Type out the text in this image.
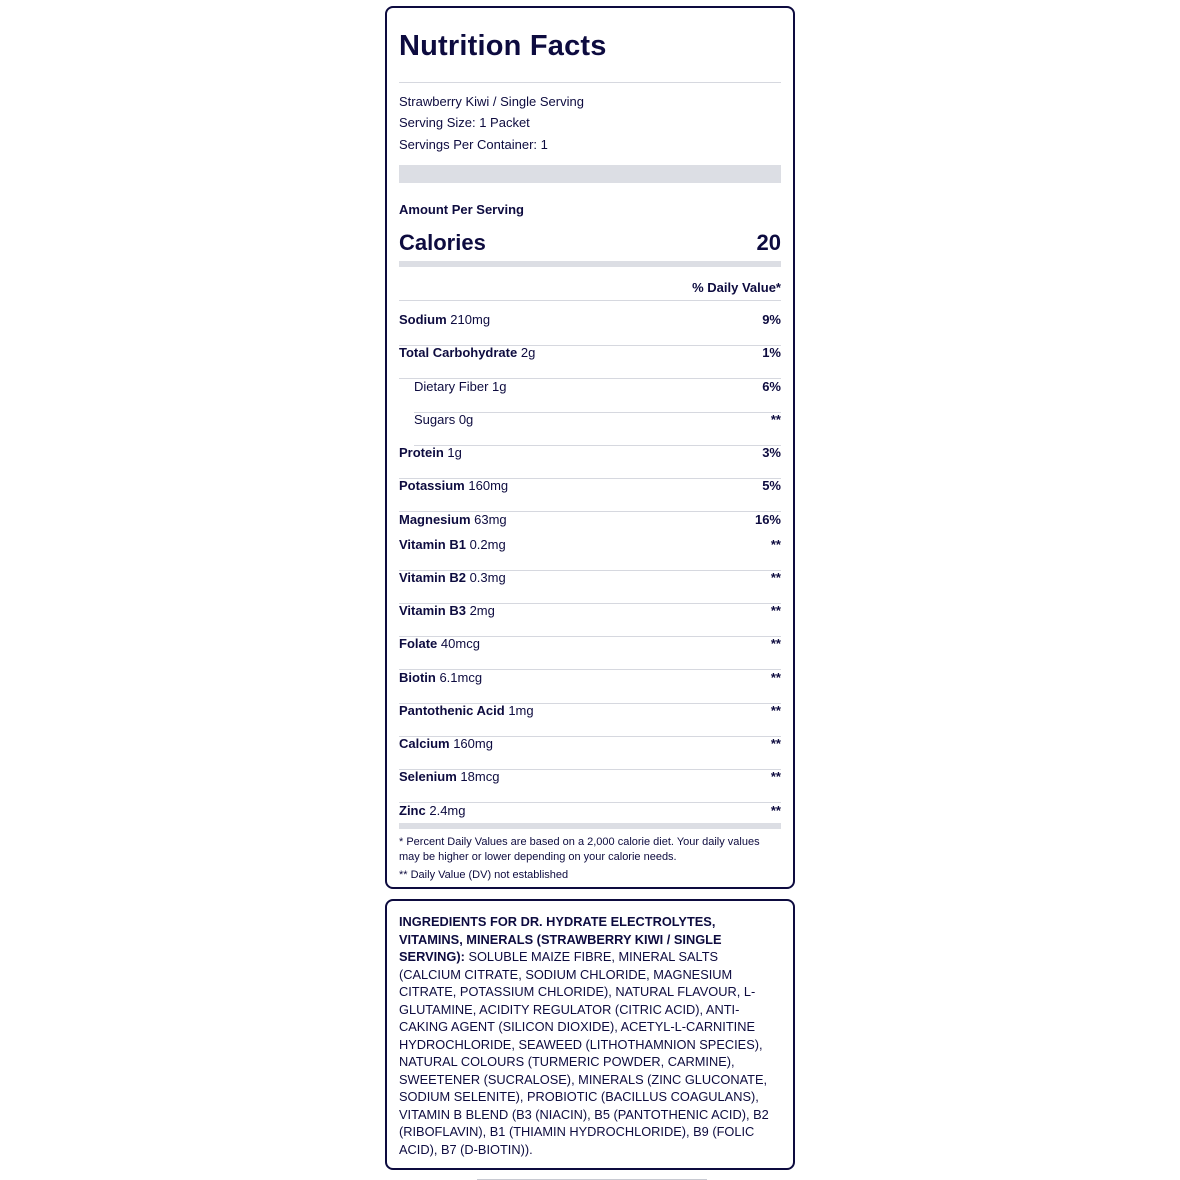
Nutrition Facts
Strawberry Kiwi / Single Serving
Serving Size: 1 Packet
Servings Per Container: 1
Amount Per Serving
Calories	20
% Daily Value*
Sodium 210mg	9%
Total Carbohydrate 2g	1%
Dietary Fiber 1g	6%
Sugars 0g	**
Protein 1g	3%
Potassium 160mg	5%
Magnesium 63mg	16%
Vitamin B1 0.2mg	**
Vitamin B2 0.3mg	**
Vitamin B3 2mg	**
Folate 40mcg	**
Biotin 6.1mcg	**
Pantothenic Acid 1mg	**
Calcium 160mg	**
Selenium 18mcg	**
Zinc 2.4mg	**
* Percent Daily Values are based on a 2,000 calorie diet. Your daily values may be higher or lower depending on your calorie needs.
** Daily Value (DV) not established
INGREDIENTS FOR DR. HYDRATE ELECTROLYTES, VITAMINS, MINERALS (STRAWBERRY KIWI / SINGLE SERVING): SOLUBLE MAIZE FIBRE, MINERAL SALTS (CALCIUM CITRATE, SODIUM CHLORIDE, MAGNESIUM CITRATE, POTASSIUM CHLORIDE), NATURAL FLAVOUR, L-GLUTAMINE, ACIDITY REGULATOR (CITRIC ACID), ANTI-CAKING AGENT (SILICON DIOXIDE), ACETYL-L-CARNITINE HYDROCHLORIDE, SEAWEED (LITHOTHAMNION SPECIES), NATURAL COLOURS (TURMERIC POWDER, CARMINE), SWEETENER (SUCRALOSE), MINERALS (ZINC GLUCONATE, SODIUM SELENITE), PROBIOTIC (BACILLUS COAGULANS), VITAMIN B BLEND (B3 (NIACIN), B5 (PANTOTHENIC ACID), B2 (RIBOFLAVIN), B1 (THIAMIN HYDROCHLORIDE), B9 (FOLIC ACID), B7 (D-BIOTIN)).
